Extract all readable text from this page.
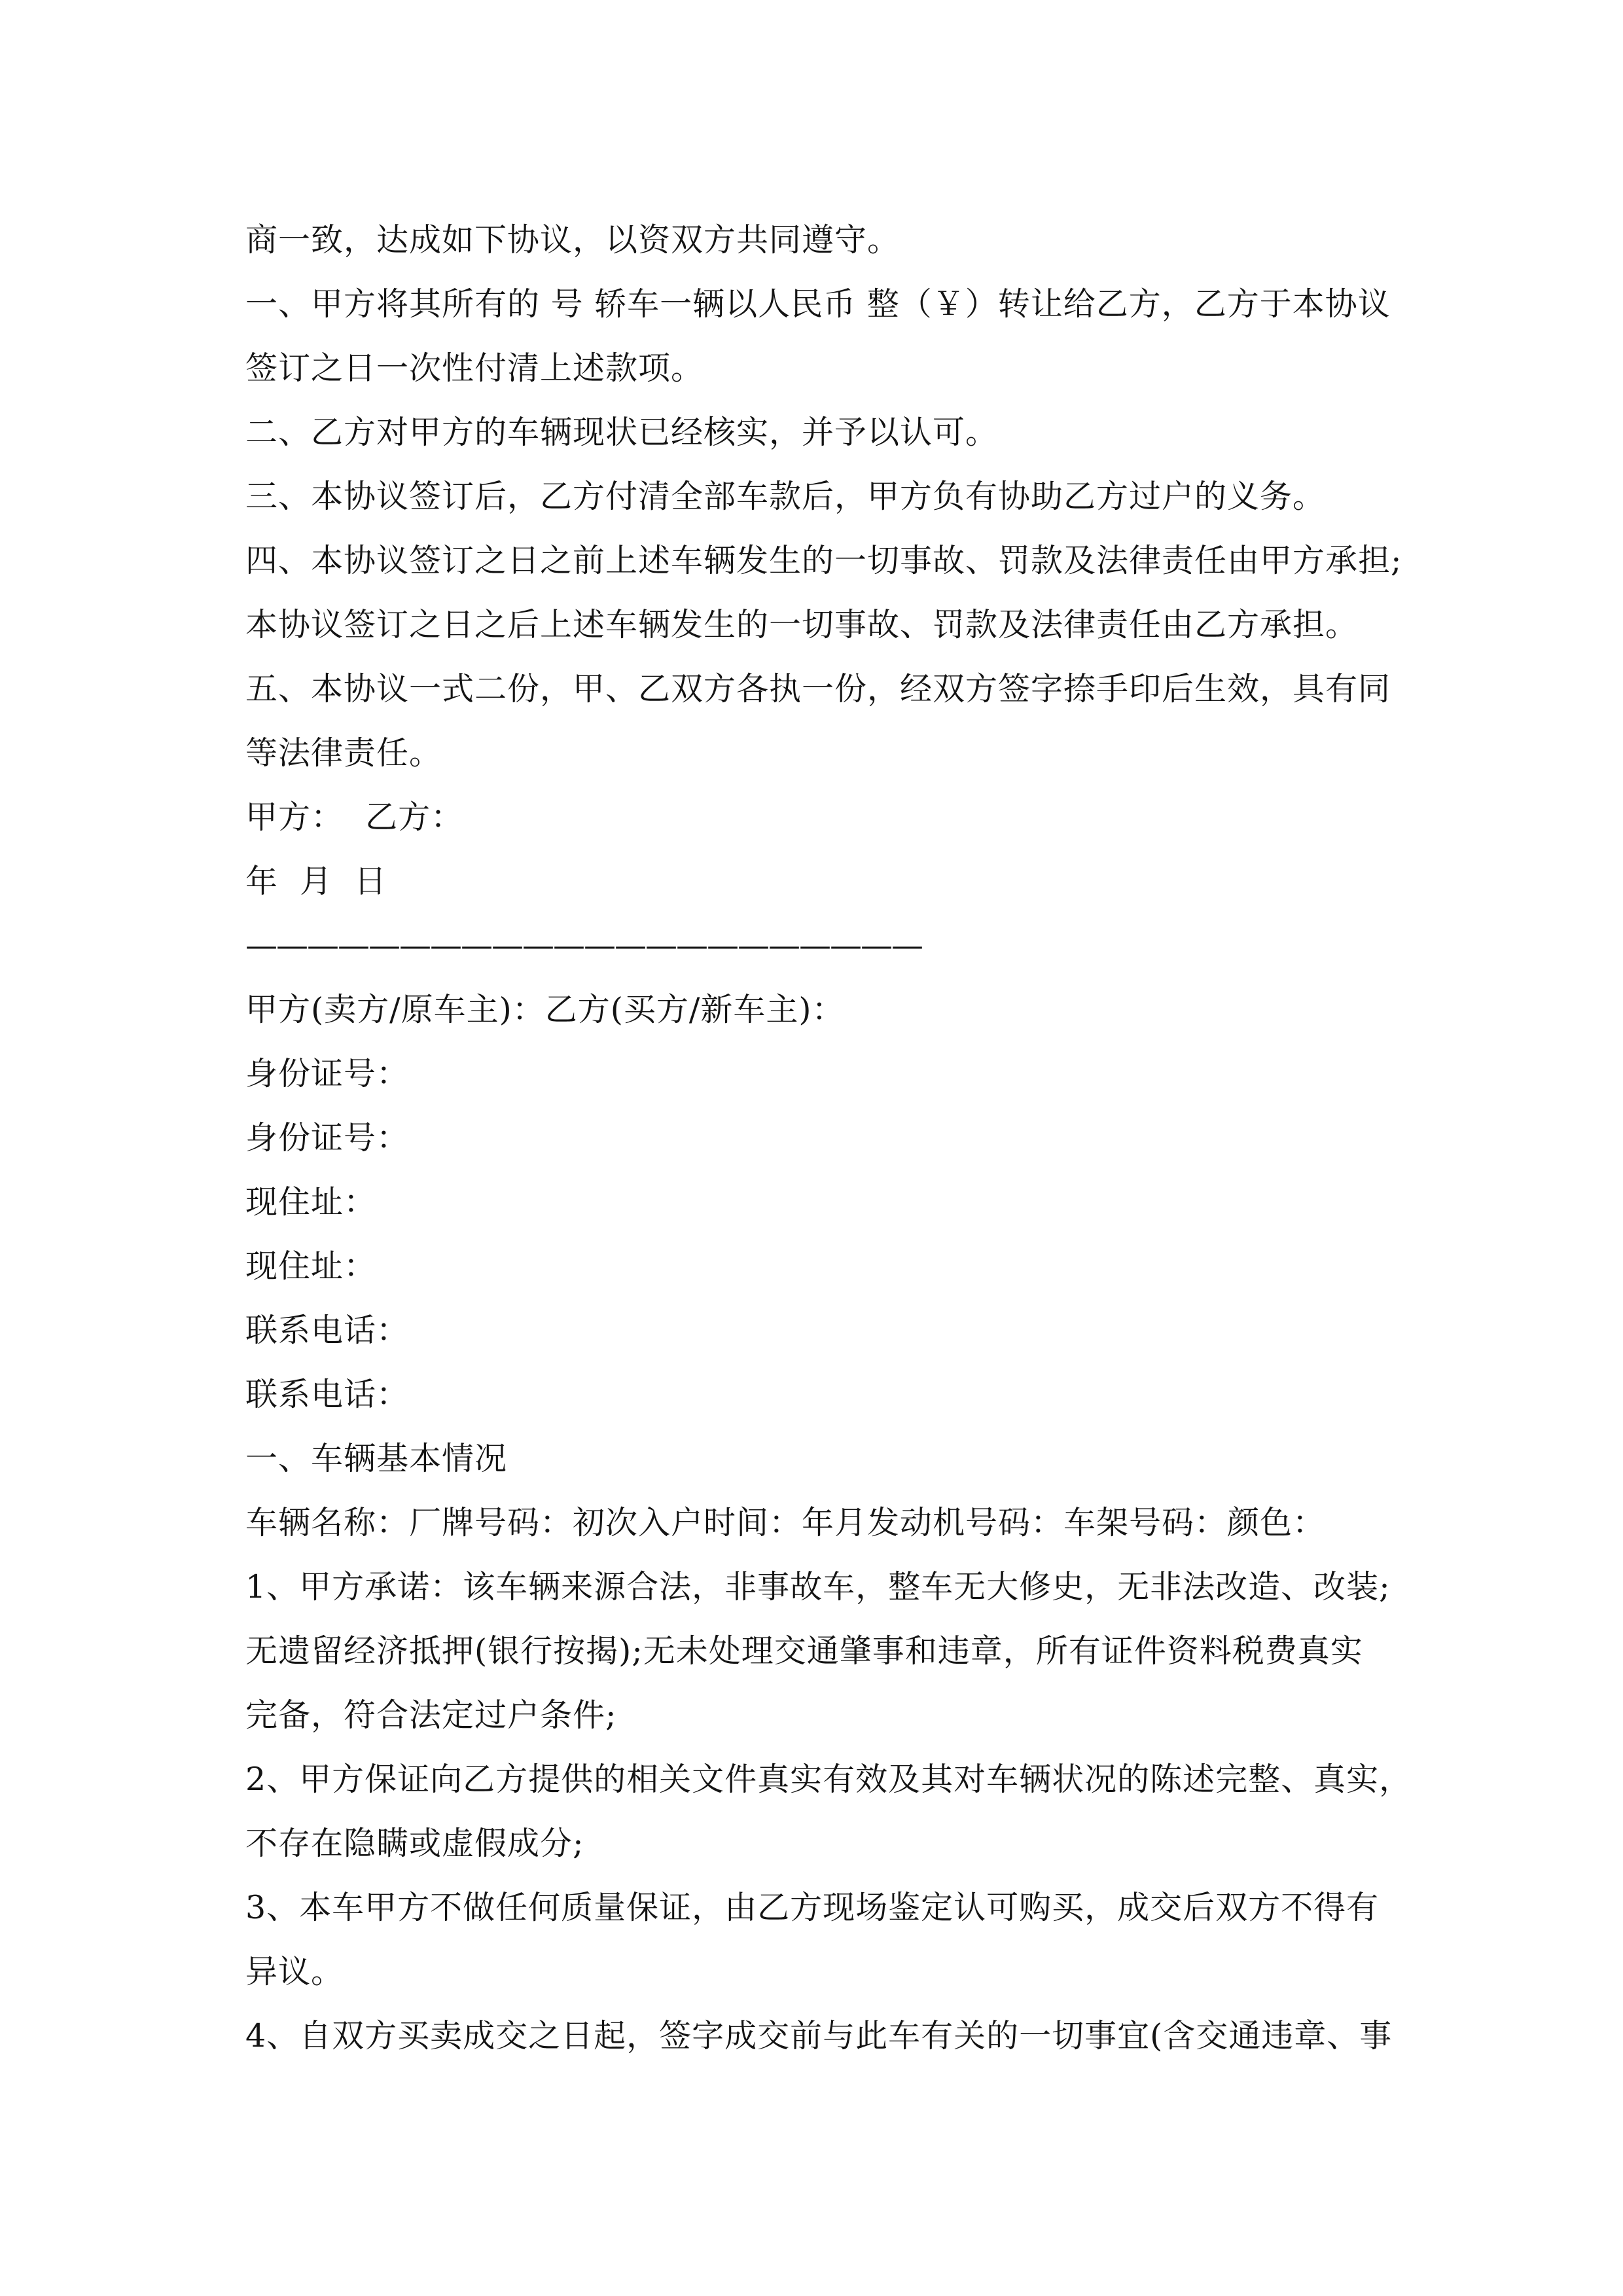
商一致，达成如下协议，以资双方共同遵守。
一、甲方将其所有的 号 轿车一辆以人民币 整（￥）转让给乙方，乙方于本协议
签订之日一次性付清上述款项。
二、乙方对甲方的车辆现状已经核实，并予以认可。
三、本协议签订后，乙方付清全部车款后，甲方负有协助乙方过户的义务。
四、本协议签订之日之前上述车辆发生的一切事故、罚款及法律责任由甲方承担;
本协议签订之日之后上述车辆发生的一切事故、罚款及法律责任由乙方承担。
五、本协议一式二份，甲、乙双方各执一份，经双方签字捺手印后生效，具有同
等法律责任。
甲方：  乙方：
年  月  日
——————————————————————
甲方(卖方/原车主)：乙方(买方/新车主)：
身份证号：
身份证号：
现住址：
现住址：
联系电话：
联系电话：
一、车辆基本情况
车辆名称：厂牌号码：初次入户时间：年月发动机号码：车架号码：颜色：
1、甲方承诺：该车辆来源合法，非事故车，整车无大修史，无非法改造、改装;
无遗留经济抵押(银行按揭);无未处理交通肇事和违章，所有证件资料税费真实
完备，符合法定过户条件;
2、甲方保证向乙方提供的相关文件真实有效及其对车辆状况的陈述完整、真实，
不存在隐瞒或虚假成分;
3、本车甲方不做任何质量保证，由乙方现场鉴定认可购买，成交后双方不得有
异议。
4、自双方买卖成交之日起，签字成交前与此车有关的一切事宜(含交通违章、事
